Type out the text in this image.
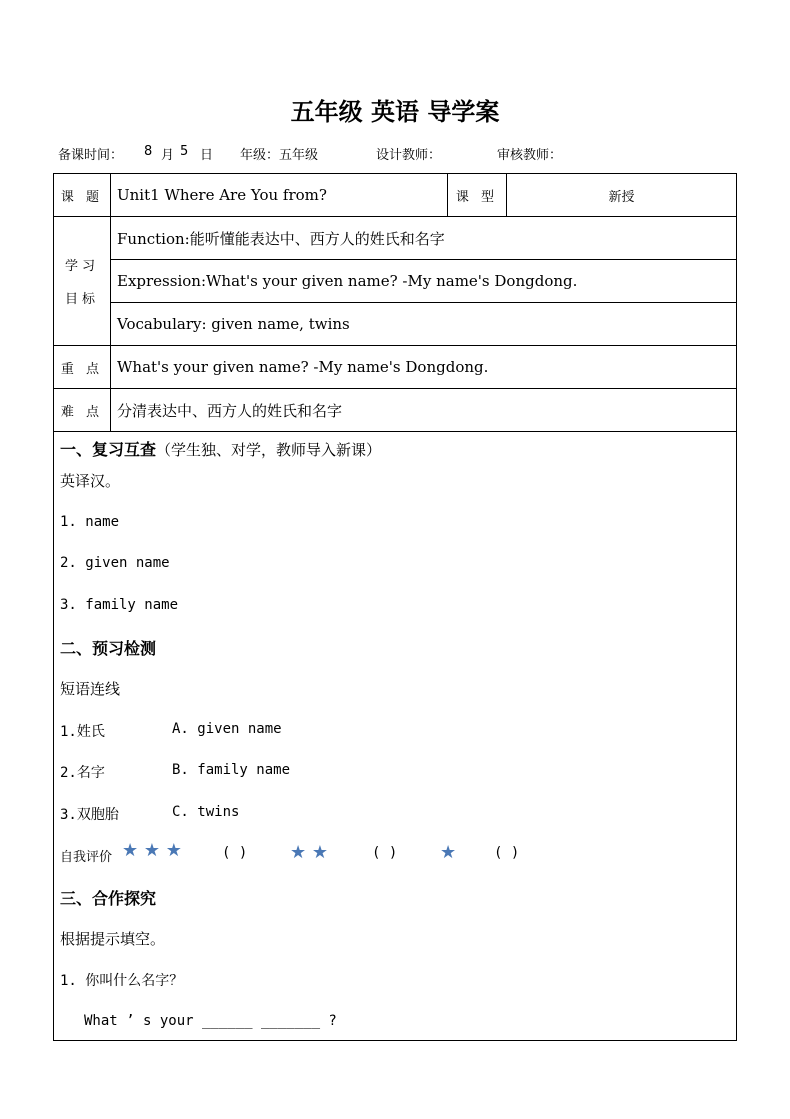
五年级 英语 导学案
备课时间： 8 月 5 日 年级：五年级	设计教师：	审核教师：
课 题	Unit1 Where Are You from?	课 型	新授

学习
目标	Function:能听懂能表达中、西方人的姓氏和名字		
	Expression:What's your given name? -My name's Dongdong.		
	Vocabulary: given name, twins		
重 点	What's your given name? -My name's Dongdong.		
难 点	分清表达中、西方人的姓氏和名字		
一、复习互查（学生独、对学，教师导入新课）
英译汉。
1. name
2. given name
3. family name
二、预习检测
短语连线
1.姓氏	A. given name
2.名字	B. family name
3.双胞胎	C. twins
自我评价 ★ ★ ★	( ) ★ ★	( ) ★	( )
三、合作探究
根据提示填空。
1. 你叫什么名字？
What ’ s your ______ _______ ?
